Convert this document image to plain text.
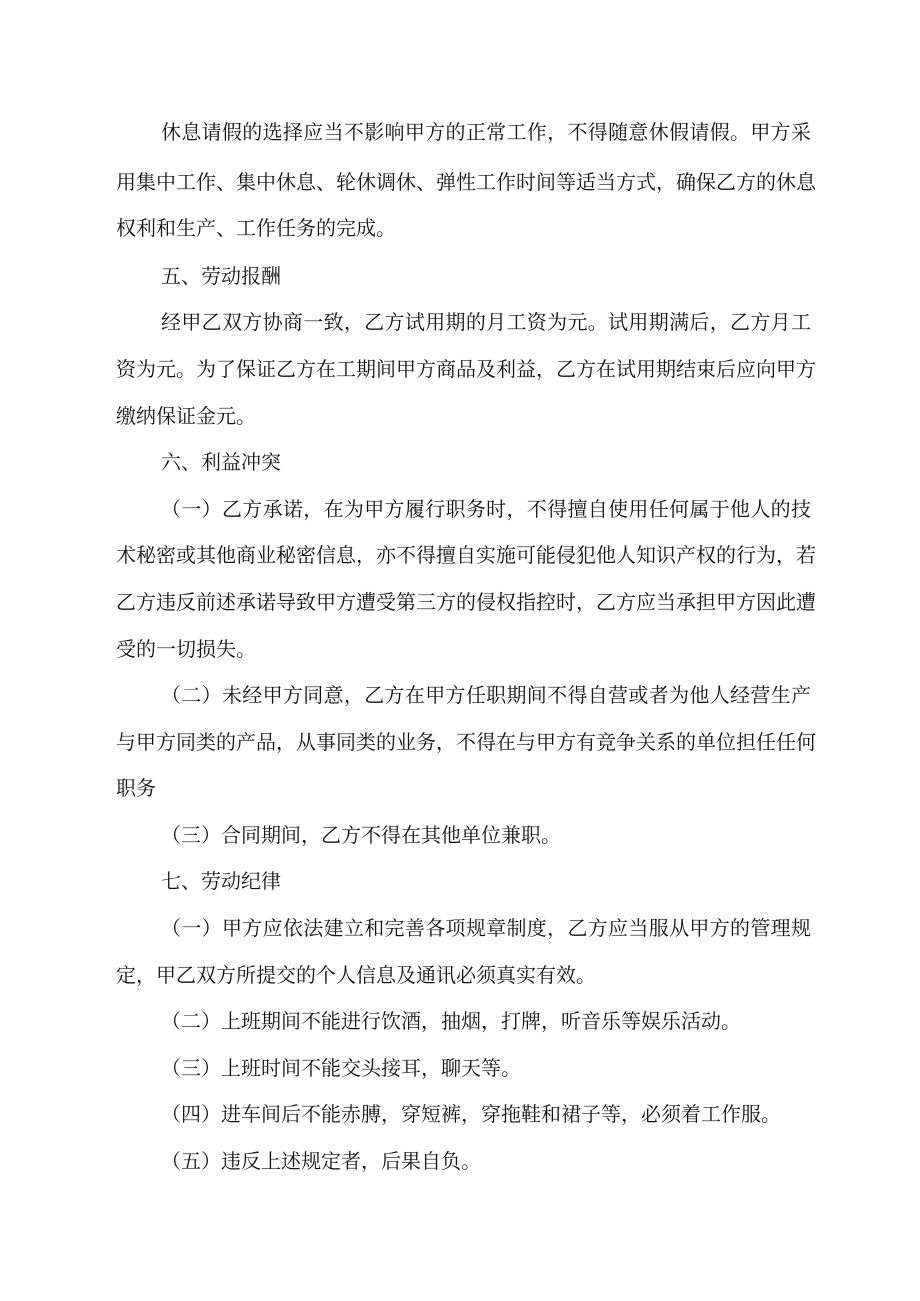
休息请假的选择应当不影响甲方的正常工作，不得随意休假请假。甲方采
用集中工作、集中休息、轮休调休、弹性工作时间等适当方式，确保乙方的休息
权利和生产、工作任务的完成。
五、劳动报酬
经甲乙双方协商一致，乙方试用期的月工资为元。试用期满后，乙方月工
资为元。为了保证乙方在工期间甲方商品及利益，乙方在试用期结束后应向甲方
缴纳保证金元。
六、利益冲突
（一）乙方承诺，在为甲方履行职务时，不得擅自使用任何属于他人的技
术秘密或其他商业秘密信息，亦不得擅自实施可能侵犯他人知识产权的行为，若
乙方违反前述承诺导致甲方遭受第三方的侵权指控时，乙方应当承担甲方因此遭
受的一切损失。
（二）未经甲方同意，乙方在甲方任职期间不得自营或者为他人经营生产
与甲方同类的产品，从事同类的业务，不得在与甲方有竞争关系的单位担任任何
职务
（三）合同期间，乙方不得在其他单位兼职。
七、劳动纪律
（一）甲方应依法建立和完善各项规章制度，乙方应当服从甲方的管理规
定，甲乙双方所提交的个人信息及通讯必须真实有效。
（二）上班期间不能进行饮酒，抽烟，打牌，听音乐等娱乐活动。
（三）上班时间不能交头接耳，聊天等。
（四）进车间后不能赤膊，穿短裤，穿拖鞋和裙子等，必须着工作服。
（五）违反上述规定者，后果自负。
